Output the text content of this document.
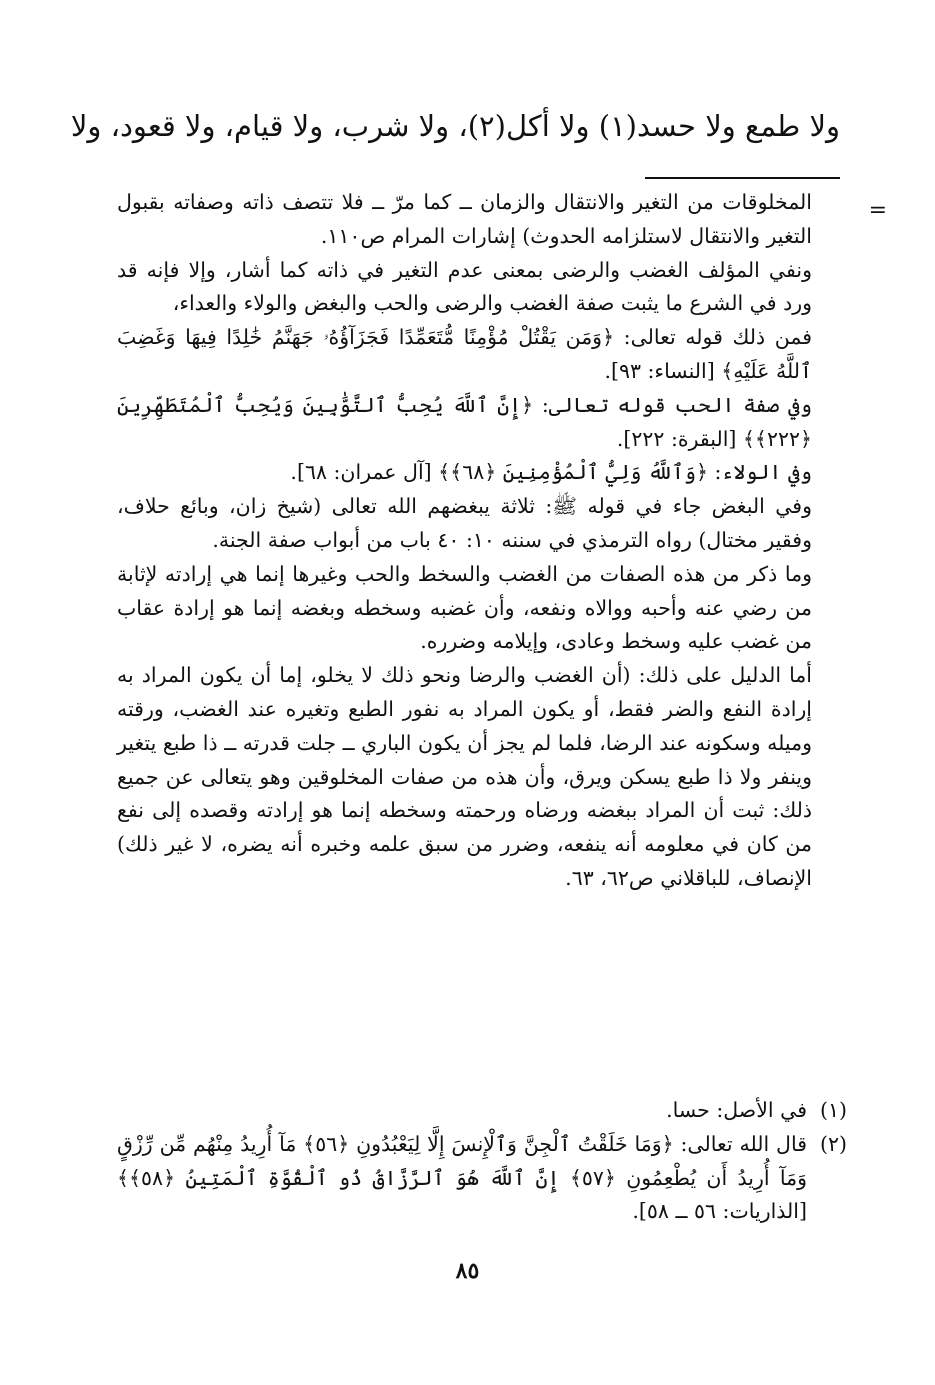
ولا طمع ولا حسد(١) ولا أكل(٢)، ولا شرب، ولا قيام، ولا قعود، ولا
=

المخلوقات من التغير والانتقال والزمان ــ كما مرّ ــ فلا تتصف ذاته وصفاته بقبول التغير والانتقال لاستلزامه الحدوث) إشارات المرام ص١١٠.

ونفي المؤلف الغضب والرضى بمعنى عدم التغير في ذاته كما أشار، وإلا فإنه قد ورد في الشرع ما يثبت صفة الغضب والرضى والحب والبغض والولاء والعداء،

فمن ذلك قوله تعالى: ﴿وَمَن يَقْتُلْ مُؤْمِنًا مُّتَعَمِّدًا فَجَزَآؤُهُۥ جَهَنَّمُ خَٰلِدًا فِيهَا وَغَضِبَ ٱللَّهُ عَلَيْهِ﴾ [النساء: ٩٣].

وفي صفة الحب قوله تعالى: ﴿إِنَّ ٱللَّهَ يُحِبُّ ٱلتَّوَّٰبِينَ وَيُحِبُّ ٱلْمُتَطَهِّرِينَ ﴿٢٢٢﴾﴾ [البقرة: ٢٢٢].

وفي الولاء: ﴿وَٱللَّهُ وَلِيُّ ٱلْمُؤْمِنِينَ ﴿٦٨﴾﴾ [آل عمران: ٦٨].

وفي البغض جاء في قوله ﷺ: ثلاثة يبغضهم الله تعالى (شيخ زان، وبائع حلاف، وفقير مختال) رواه الترمذي في سننه ١٠: ٤٠ باب من أبواب صفة الجنة.

وما ذكر من هذه الصفات من الغضب والسخط والحب وغيرها إنما هي إرادته لإثابة من رضي عنه وأحبه ووالاه ونفعه، وأن غضبه وسخطه وبغضه إنما هو إرادة عقاب من غضب عليه وسخط وعادى، وإيلامه وضرره.

أما الدليل على ذلك: (أن الغضب والرضا ونحو ذلك لا يخلو، إما أن يكون المراد به إرادة النفع والضر فقط، أو يكون المراد به نفور الطبع وتغيره عند الغضب، ورقته وميله وسكونه عند الرضا، فلما لم يجز أن يكون الباري ــ جلت قدرته ــ ذا طبع يتغير وينفر ولا ذا طبع يسكن ويرق، وأن هذه من صفات المخلوقين وهو يتعالى عن جميع ذلك: ثبت أن المراد ببغضه ورضاه ورحمته وسخطه إنما هو إرادته وقصده إلى نفع من كان في معلومه أنه ينفعه، وضرر من سبق علمه وخبره أنه يضره، لا غير ذلك) الإنصاف، للباقلاني ص٦٢، ٦٣.

(١)
في الأصل: حسا.
(٢)
قال الله تعالى: ﴿وَمَا خَلَقْتُ ٱلْجِنَّ وَٱلْإِنسَ إِلَّا لِيَعْبُدُونِ ﴿٥٦﴾ مَآ أُرِيدُ مِنْهُم مِّن رِّزْقٍ وَمَآ أُرِيدُ أَن يُطْعِمُونِ ﴿٥٧﴾ إِنَّ ٱللَّهَ هُوَ ٱلرَّزَّاقُ ذُو ٱلْقُوَّةِ ٱلْمَتِينُ ﴿٥٨﴾﴾ [الذاريات: ٥٦ ــ ٥٨].
٨٥
